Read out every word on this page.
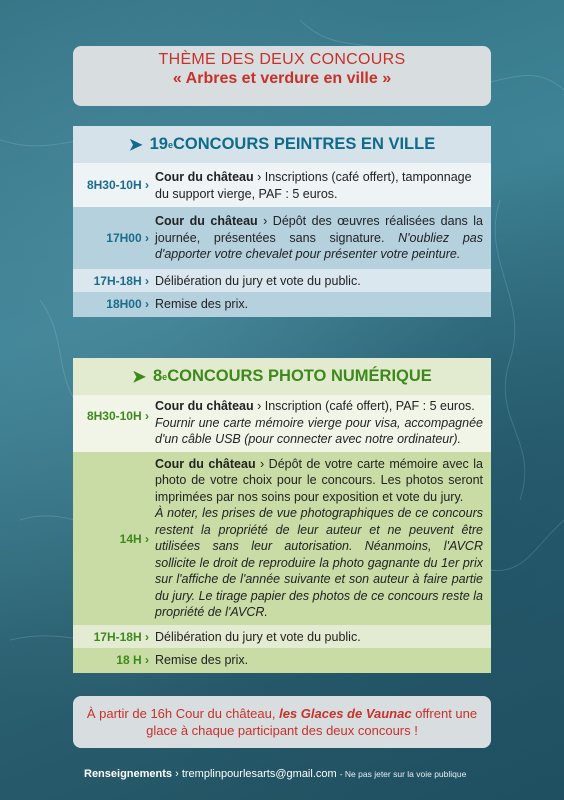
THÈME DES DEUX CONCOURS
« Arbres et verdure en ville »
➤ 19 e CONCOURS PEINTRES EN VILLE
8H30-10H ›
Cour du château › Inscriptions (café offert), tamponnage du support vierge, PAF : 5 euros.
17H00 ›
Cour du château › Dépôt des œuvres réalisées dans la journée, présentées sans signature. N'oubliez pas d'apporter votre chevalet pour présenter votre peinture.
17H-18H › Délibération du jury et vote du public.
18H00 › Remise des prix.
➤ 8 e CONCOURS PHOTO NUMÉRIQUE
8H30-10H ›
Cour du château › Inscription (café offert), PAF : 5 euros.
Fournir une carte mémoire vierge pour visa, accompagnée d'un câble USB (pour connecter avec notre ordinateur).
14H ›
Cour du château › Dépôt de votre carte mémoire avec la photo de votre choix pour le concours. Les photos seront imprimées par nos soins pour exposition et vote du jury.
À noter, les prises de vue photographiques de ce concours restent la propriété de leur auteur et ne peuvent être utilisées sans leur autorisation. Néanmoins, l'AVCR sollicite le droit de reproduire la photo gagnante du 1er prix sur l'affiche de l'année suivante et son auteur à faire partie du jury. Le tirage papier des photos de ce concours reste la propriété de l'AVCR.
17H-18H › Délibération du jury et vote du public.
18 H › Remise des prix.
À partir de 16h Cour du château, les Glaces de Vaunac offrent une glace à chaque participant des deux concours !
Renseignements › tremplinpourlesarts@gmail.com - Ne pas jeter sur la voie publique
